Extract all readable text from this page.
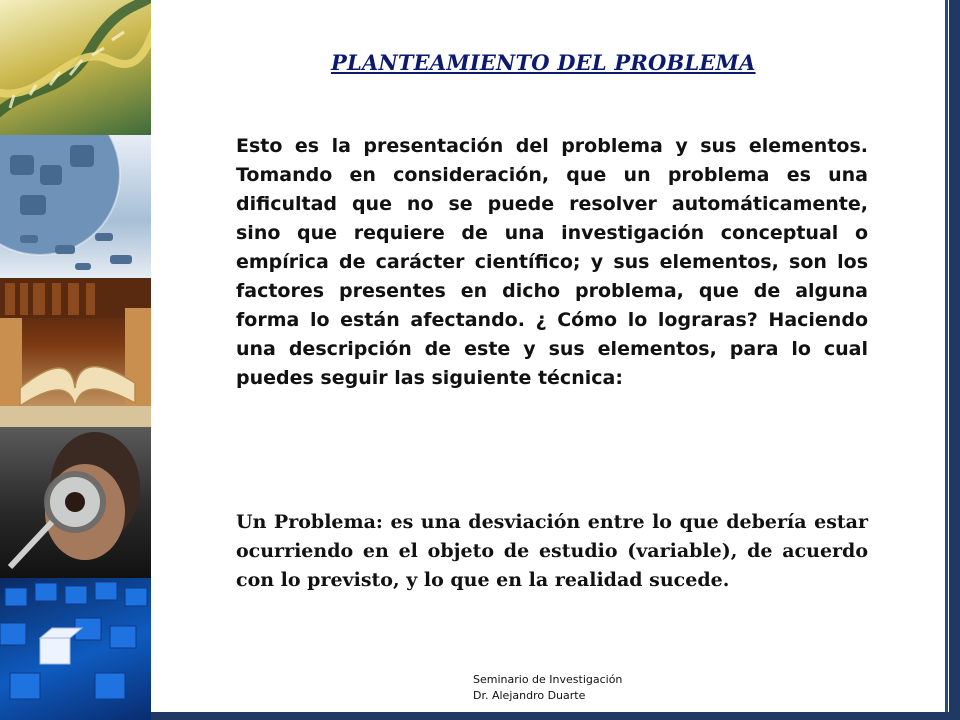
PLANTEAMIENTO DEL PROBLEMA
Esto es la presentación del problema y sus elementos. Tomando en consideración, que un problema es una dificultad que no se puede resolver automáticamente, sino que requiere de una investigación conceptual o empírica de carácter científico; y sus elementos, son los factores presentes en dicho problema, que de alguna forma lo están afectando. ¿ Cómo lo lograras? Haciendo una descripción de este y sus elementos, para lo cual puedes seguir las siguiente técnica:
Un Problema: es una desviación entre lo que debería estar ocurriendo en el objeto de estudio (variable), de acuerdo con lo previsto, y lo que en la realidad sucede.
Seminario de Investigación
Dr. Alejandro Duarte
